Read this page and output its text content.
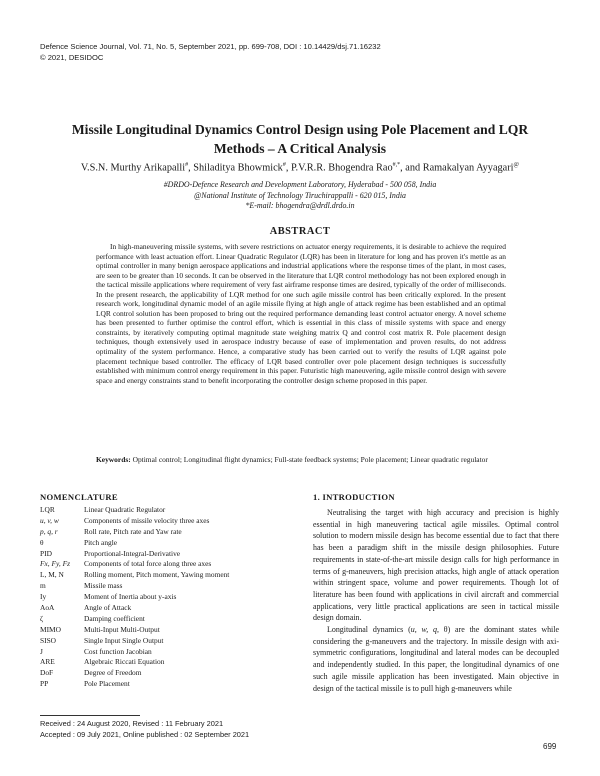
Defence Science Journal, Vol. 71, No. 5, September 2021, pp. 699-708, DOI : 10.14429/dsj.71.16232
© 2021, DESIDOC
Missile Longitudinal Dynamics Control Design using Pole Placement and LQR
Methods – A Critical Analysis
V.S.N. Murthy Arikapalli#, Shiladitya Bhowmick#, P.V.R.R. Bhogendra Rao#,*, and Ramakalyan Ayyagari@
#DRDO-Defence Research and Development Laboratory, Hyderabad - 500 058, India
@National Institute of Technology Tiruchirappalli - 620 015, India
*E-mail: bhogendra@drdl.drdo.in
ABSTRACT
In high-maneuvering missile systems, with severe restrictions on actuator energy requirements, it is desirable to achieve the required performance with least actuation effort. Linear Quadratic Regulator (LQR) has been in literature for long and has proven it's mettle as an optimal controller in many benign aerospace applications and industrial applications where the response times of the plant, in most cases, are seen to be greater than 10 seconds. It can be observed in the literature that LQR control methodology has not been explored enough in the tactical missile applications where requirement of very fast airframe response times are desired, typically of the order of milliseconds. In the present research, the applicability of LQR method for one such agile missile control has been critically explored. In the present research work, longitudinal dynamic model of an agile missile flying at high angle of attack regime has been established and an optimal LQR control solution has been proposed to bring out the required performance demanding least control actuator energy. A novel scheme has been presented to further optimise the control effort, which is essential in this class of missile systems with space and energy constraints, by iteratively computing optimal magnitude state weighing matrix Q and control cost matrix R. Pole placement design techniques, though extensively used in aerospace industry because of ease of implementation and proven results, do not address optimality of the system performance. Hence, a comparative study has been carried out to verify the results of LQR against pole placement technique based controller. The efficacy of LQR based controller over pole placement design techniques is successfully established with minimum control energy requirement in this paper. Futuristic high maneuvering, agile missile control design with severe space and energy constraints stand to benefit incorporating the controller design scheme proposed in this paper.
Keywords: Optimal control; Longitudinal flight dynamics; Full-state feedback systems; Pole placement; Linear quadratic regulator
NOMENCLATURE
LQR	Linear Quadratic Regulator
u, v, w	Components of missile velocity three axes
p, q, r	Roll rate, Pitch rate and Yaw rate
θ	Pitch angle
PID	Proportional-Integral-Derivative
Fx, Fy, Fz	Components of total force along three axes
L, M, N	Rolling moment, Pitch moment, Yawing moment
m	Missile mass
Iy	Moment of Inertia about y-axis
AoA	Angle of Attack
ζ	Damping coefficient
MIMO	Multi-Input Multi-Output
SISO	Single Input Single Output
J	Cost function Jacobian
ARE	Algebraic Riccati Equation
DoF	Degree of Freedom
PP	Pole Placement
1. INTRODUCTION

Neutralising the target with high accuracy and precision is highly essential in high maneuvering tactical agile missiles. Optimal control solution to modern missile design has become essential due to fact that there has been a paradigm shift in the missile design philosophies. Future requirements in state-of-the-art missile design calls for high performance in terms of g-maneuvers, high precision attacks, high angle of attack operation within stringent space, volume and power requirements. Though lot of literature has been found with applications in civil aircraft and commercial applications, very little practical applications are seen in tactical missile design domain.

Longitudinal dynamics (u, w, q, θ) are the dominant states while considering the g-maneuvers and the trajectory. In missile design with axi-symmetric configurations, longitudinal and lateral modes can be decoupled and independently studied. In this paper, the longitudinal dynamics of one such agile missile application has been investigated. Main objective in design of the tactical missile is to pull high g-maneuvers while

Received : 24 August 2020, Revised : 11 February 2021
Accepted : 09 July 2021, Online published : 02 September 2021
699
